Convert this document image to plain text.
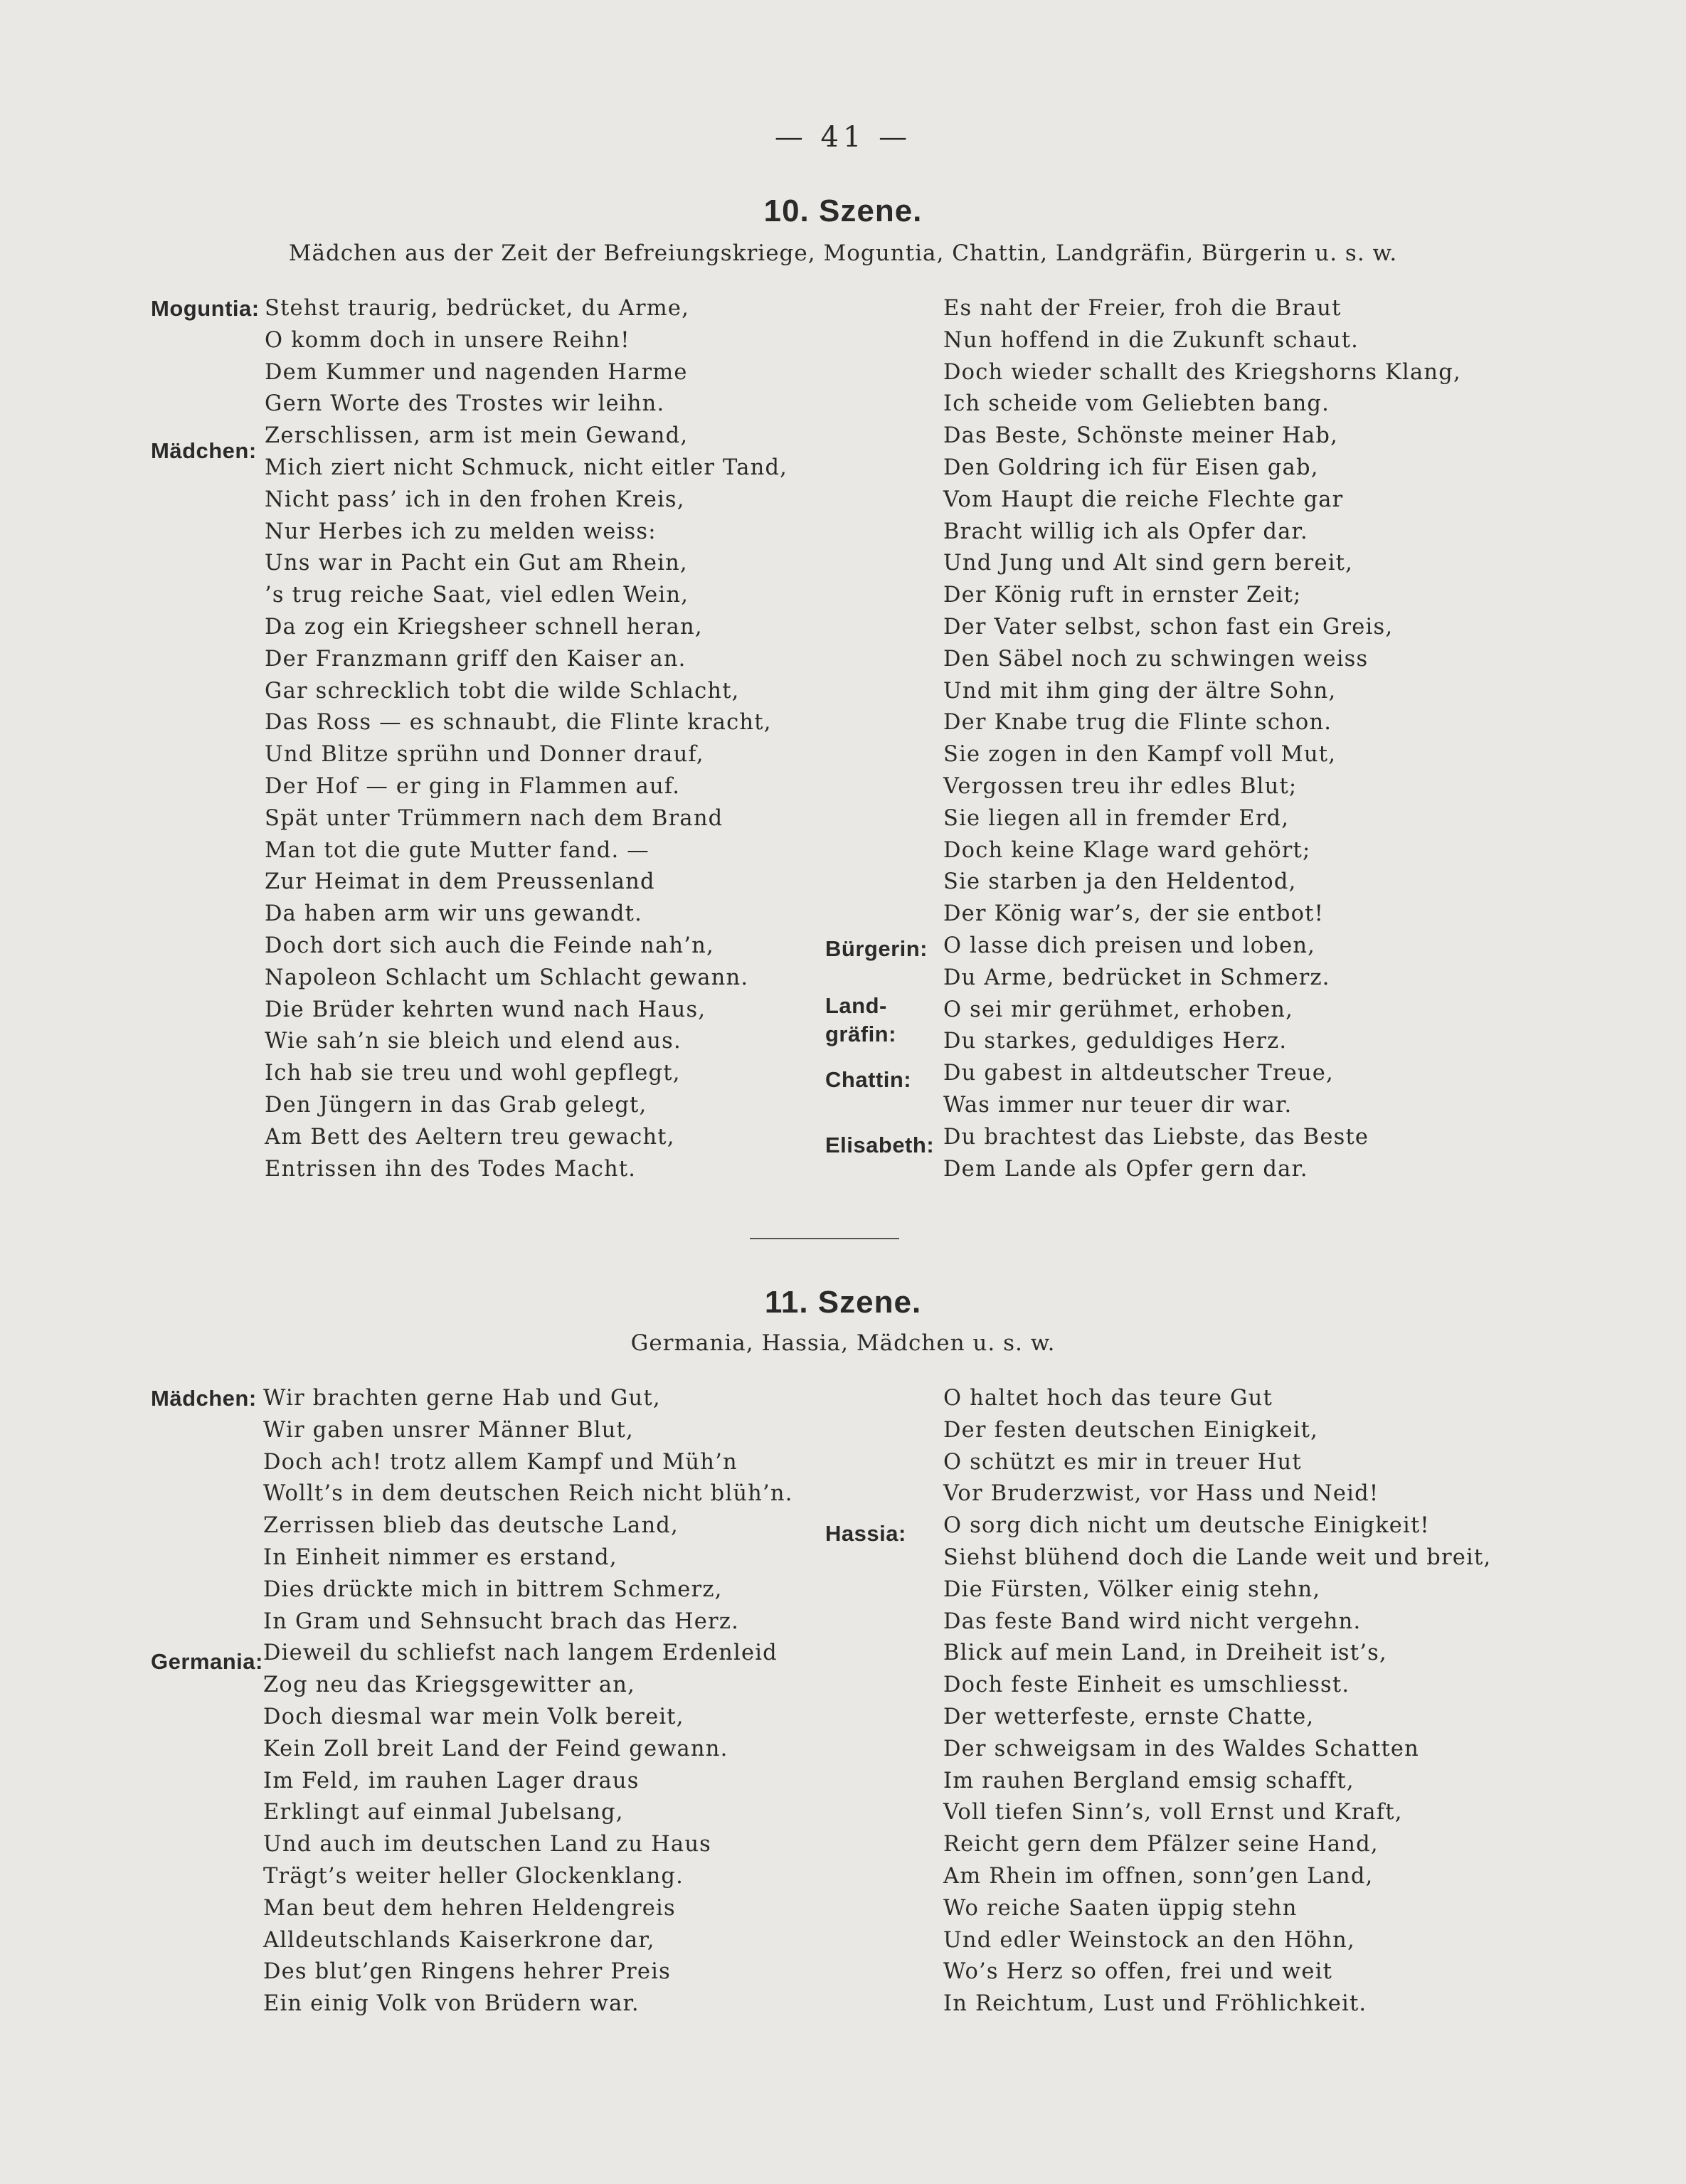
— 41 —
10. Szene.
Mädchen aus der Zeit der Befreiungskriege, Moguntia, Chattin, Landgräfin, Bürgerin u. s. w.
Moguntia:
Mädchen:
Bürgerin:
Land-
gräfin:
Chattin:
Elisabeth:
Stehst traurig, bedrücket, du Arme,
O komm doch in unsere Reihn!
Dem Kummer und nagenden Harme
Gern Worte des Trostes wir leihn.
Zerschlissen, arm ist mein Gewand,
Mich ziert nicht Schmuck, nicht eitler Tand,
Nicht pass’ ich in den frohen Kreis,
Nur Herbes ich zu melden weiss:
Uns war in Pacht ein Gut am Rhein,
’s trug reiche Saat, viel edlen Wein,
Da zog ein Kriegsheer schnell heran,
Der Franzmann griff den Kaiser an.
Gar schrecklich tobt die wilde Schlacht,
Das Ross — es schnaubt, die Flinte kracht,
Und Blitze sprühn und Donner drauf,
Der Hof — er ging in Flammen auf.
Spät unter Trümmern nach dem Brand
Man tot die gute Mutter fand. —
Zur Heimat in dem Preussenland
Da haben arm wir uns gewandt.
Doch dort sich auch die Feinde nah’n,
Napoleon Schlacht um Schlacht gewann.
Die Brüder kehrten wund nach Haus,
Wie sah’n sie bleich und elend aus.
Ich hab sie treu und wohl gepflegt,
Den Jüngern in das Grab gelegt,
Am Bett des Aeltern treu gewacht,
Entrissen ihn des Todes Macht.
Es naht der Freier, froh die Braut
Nun hoffend in die Zukunft schaut.
Doch wieder schallt des Kriegshorns Klang,
Ich scheide vom Geliebten bang.
Das Beste, Schönste meiner Hab,
Den Goldring ich für Eisen gab,
Vom Haupt die reiche Flechte gar
Bracht willig ich als Opfer dar.
Und Jung und Alt sind gern bereit,
Der König ruft in ernster Zeit;
Der Vater selbst, schon fast ein Greis,
Den Säbel noch zu schwingen weiss
Und mit ihm ging der ältre Sohn,
Der Knabe trug die Flinte schon.
Sie zogen in den Kampf voll Mut,
Vergossen treu ihr edles Blut;
Sie liegen all in fremder Erd,
Doch keine Klage ward gehört;
Sie starben ja den Heldentod,
Der König war’s, der sie entbot!
O lasse dich preisen und loben,
Du Arme, bedrücket in Schmerz.
O sei mir gerühmet, erhoben,
Du starkes, geduldiges Herz.
Du gabest in altdeutscher Treue,
Was immer nur teuer dir war.
Du brachtest das Liebste, das Beste
Dem Lande als Opfer gern dar.
11. Szene.
Germania, Hassia, Mädchen u. s. w.
Mädchen:
Germania:
Hassia:
Wir brachten gerne Hab und Gut,
Wir gaben unsrer Männer Blut,
Doch ach! trotz allem Kampf und Müh’n
Wollt’s in dem deutschen Reich nicht blüh’n.
Zerrissen blieb das deutsche Land,
In Einheit nimmer es erstand,
Dies drückte mich in bittrem Schmerz,
In Gram und Sehnsucht brach das Herz.
Dieweil du schliefst nach langem Erdenleid
Zog neu das Kriegsgewitter an,
Doch diesmal war mein Volk bereit,
Kein Zoll breit Land der Feind gewann.
Im Feld, im rauhen Lager draus
Erklingt auf einmal Jubelsang,
Und auch im deutschen Land zu Haus
Trägt’s weiter heller Glockenklang.
Man beut dem hehren Heldengreis
Alldeutschlands Kaiserkrone dar,
Des blut’gen Ringens hehrer Preis
Ein einig Volk von Brüdern war.
O haltet hoch das teure Gut
Der festen deutschen Einigkeit,
O schützt es mir in treuer Hut
Vor Bruderzwist, vor Hass und Neid!
O sorg dich nicht um deutsche Einigkeit!
Siehst blühend doch die Lande weit und breit,
Die Fürsten, Völker einig stehn,
Das feste Band wird nicht vergehn.
Blick auf mein Land, in Dreiheit ist’s,
Doch feste Einheit es umschliesst.
Der wetterfeste, ernste Chatte,
Der schweigsam in des Waldes Schatten
Im rauhen Bergland emsig schafft,
Voll tiefen Sinn’s, voll Ernst und Kraft,
Reicht gern dem Pfälzer seine Hand,
Am Rhein im offnen, sonn’gen Land,
Wo reiche Saaten üppig stehn
Und edler Weinstock an den Höhn,
Wo’s Herz so offen, frei und weit
In Reichtum, Lust und Fröhlichkeit.
